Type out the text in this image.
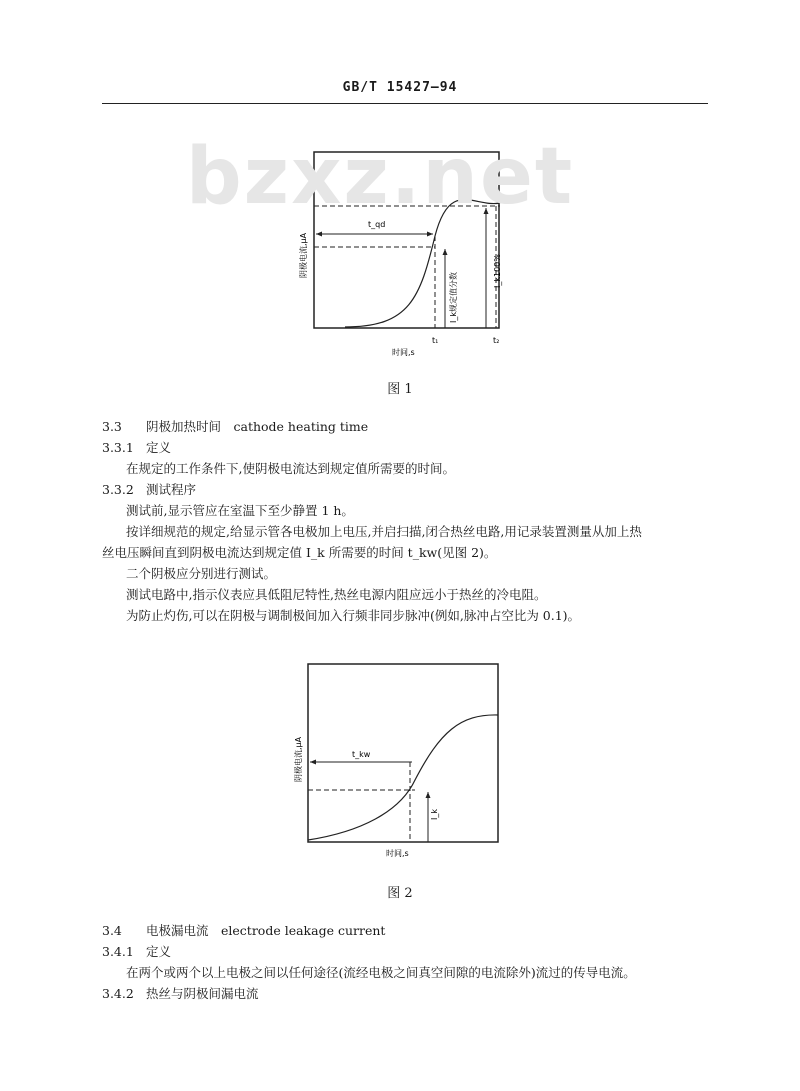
GB/T 15427—94
bzxz.net
t_qd
I_k规定值分数
I_k100%
阴极电流,μA
t₁	t₂
时间,s
图 1
3.3 阴极加热时间　cathode heating time
3.3.1 定义
在规定的工作条件下,使阴极电流达到规定值所需要的时间。
3.3.2 测试程序
测试前,显示管应在室温下至少静置 1 h。
按详细规范的规定,给显示管各电极加上电压,并启扫描,闭合热丝电路,用记录装置测量从加上热
丝电压瞬间直到阴极电流达到规定值 I_k 所需要的时间 t_kw(见图 2)。
二个阴极应分别进行测试。
测试电路中,指示仪表应具低阻尼特性,热丝电源内阻应远小于热丝的冷电阻。
为防止灼伤,可以在阴极与调制极间加入行频非同步脉冲(例如,脉冲占空比为 0.1)。
t_kw
I_k
阴极电流,μA
时间,s
图 2
3.4 电极漏电流　electrode leakage current
3.4.1 定义
在两个或两个以上电极之间以任何途径(流经电极之间真空间隙的电流除外)流过的传导电流。
3.4.2 热丝与阴极间漏电流
